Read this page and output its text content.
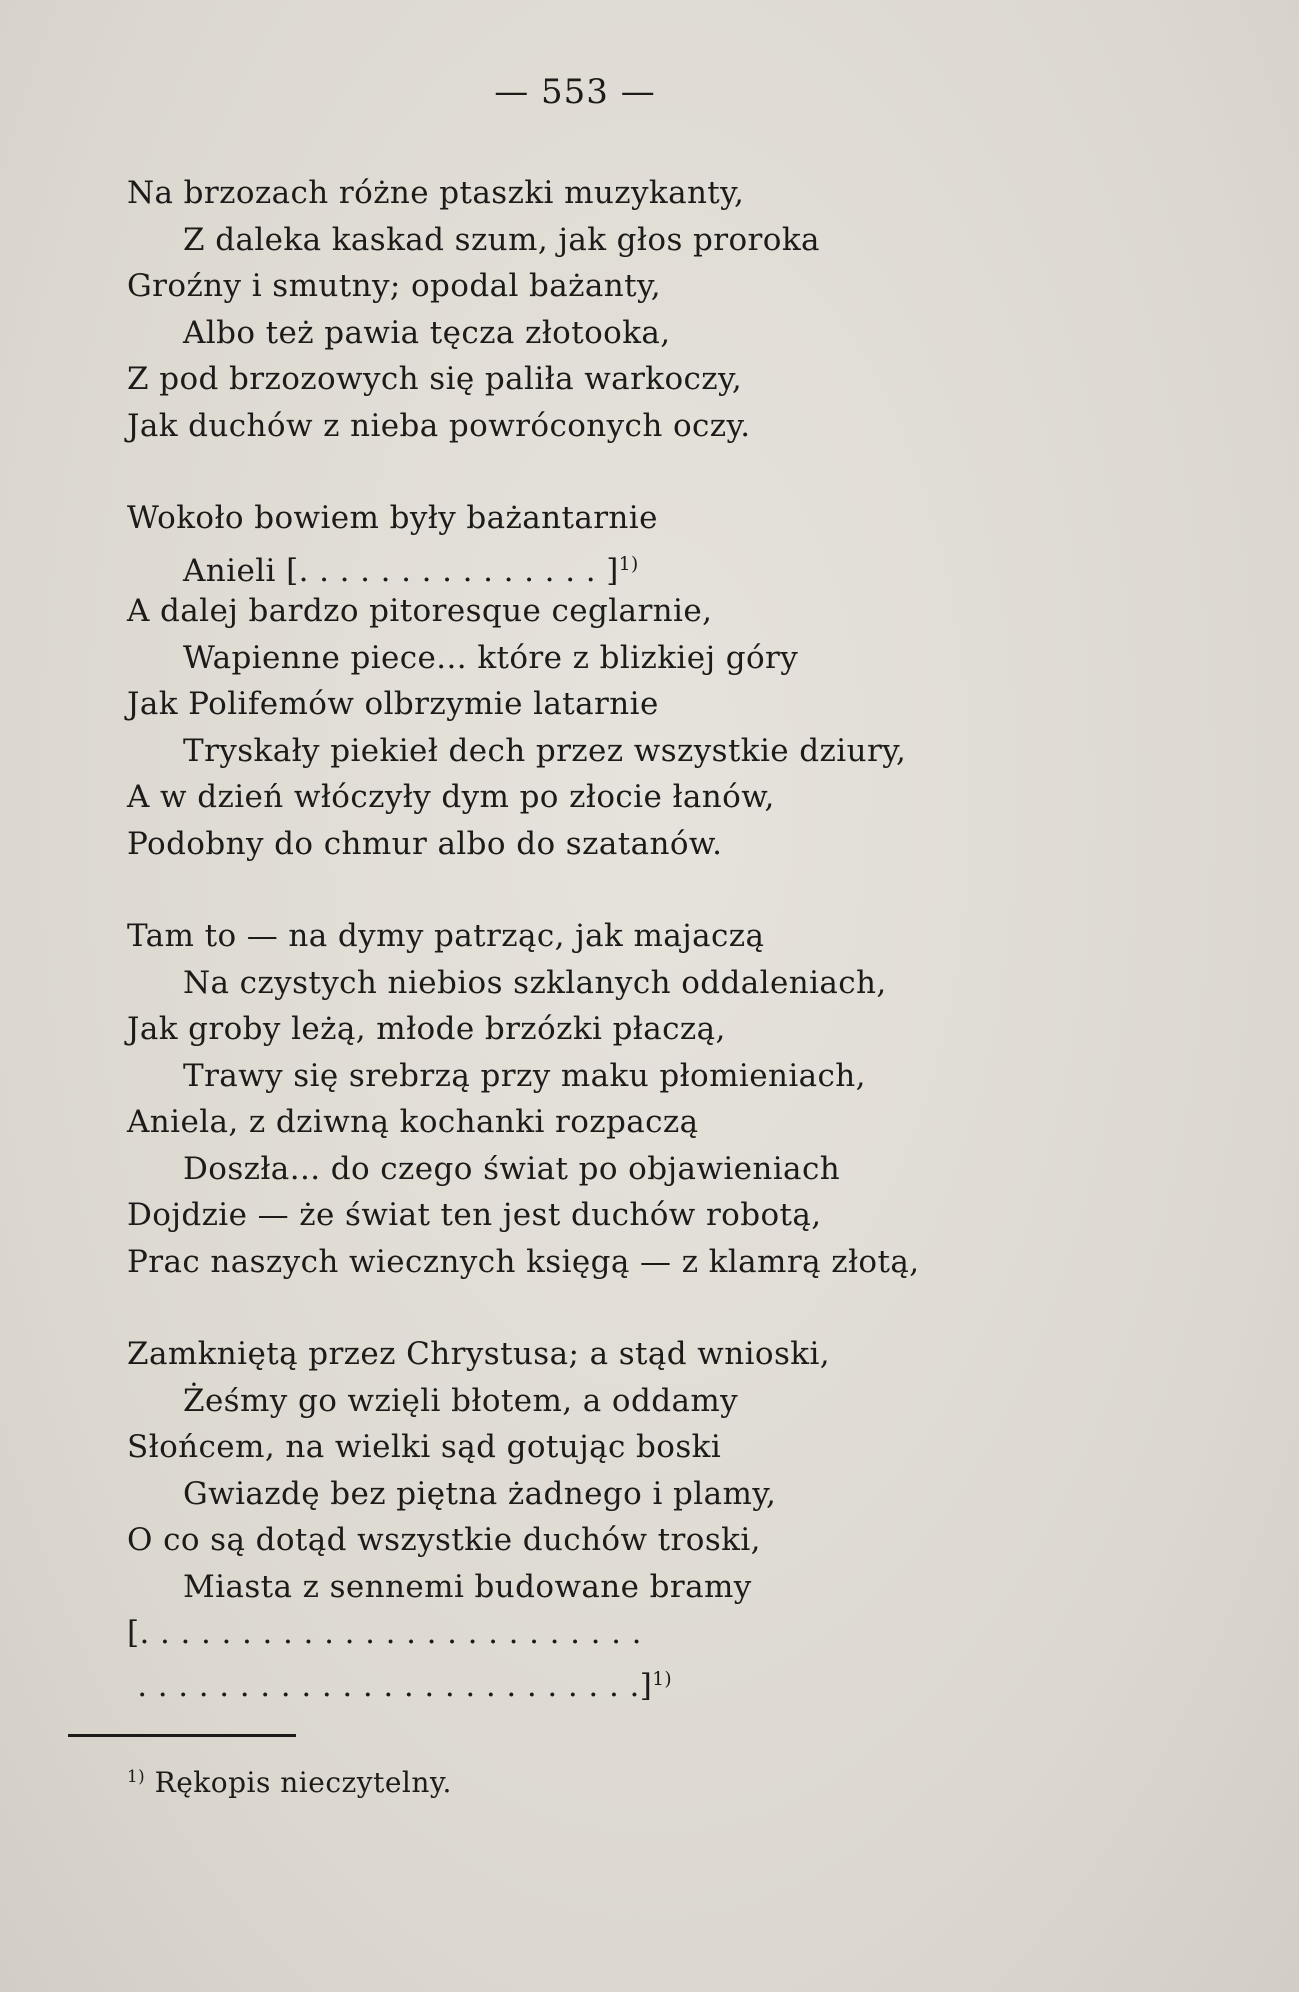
— 553 —
Na brzozach różne ptaszki muzykanty,
Z daleka kaskad szum, jak głos proroka
Groźny i smutny; opodal bażanty,
Albo też pawia tęcza złotooka,
Z pod brzozowych się paliła warkoczy,
Jak duchów z nieba powróconych oczy.
Wokoło bowiem były bażantarnie
Anieli [. . . . . . . . . . . . . . . ]$^{1)}$
A dalej bardzo pitoresque ceglarnie,
Wapienne piece... które z blizkiej góry
Jak Polifemów olbrzymie latarnie
Tryskały piekieł dech przez wszystkie dziury,
A w dzień włóczyły dym po złocie łanów,
Podobny do chmur albo do szatanów.
Tam to — na dymy patrząc, jak majaczą
Na czystych niebios szklanych oddaleniach,
Jak groby leżą, młode brzózki płaczą,
Trawy się srebrzą przy maku płomieniach,
Aniela, z dziwną kochanki rozpaczą
Doszła... do czego świat po objawieniach
Dojdzie — że świat ten jest duchów robotą,
Prac naszych wiecznych księgą — z klamrą złotą,
Zamkniętą przez Chrystusa; a stąd wnioski,
Żeśmy go wzięli błotem, a oddamy
Słońcem, na wielki sąd gotując boski
Gwiazdę bez piętna żadnego i plamy,
O co są dotąd wszystkie duchów troski,
Miasta z sennemi budowane bramy
[. . . . . . . . . . . . . . . . . . . . . . . . .
. . . . . . . . . . . . . . . . . . . . . . . . .]$^{1)}$
$^{1)}$ Rękopis nieczytelny.
